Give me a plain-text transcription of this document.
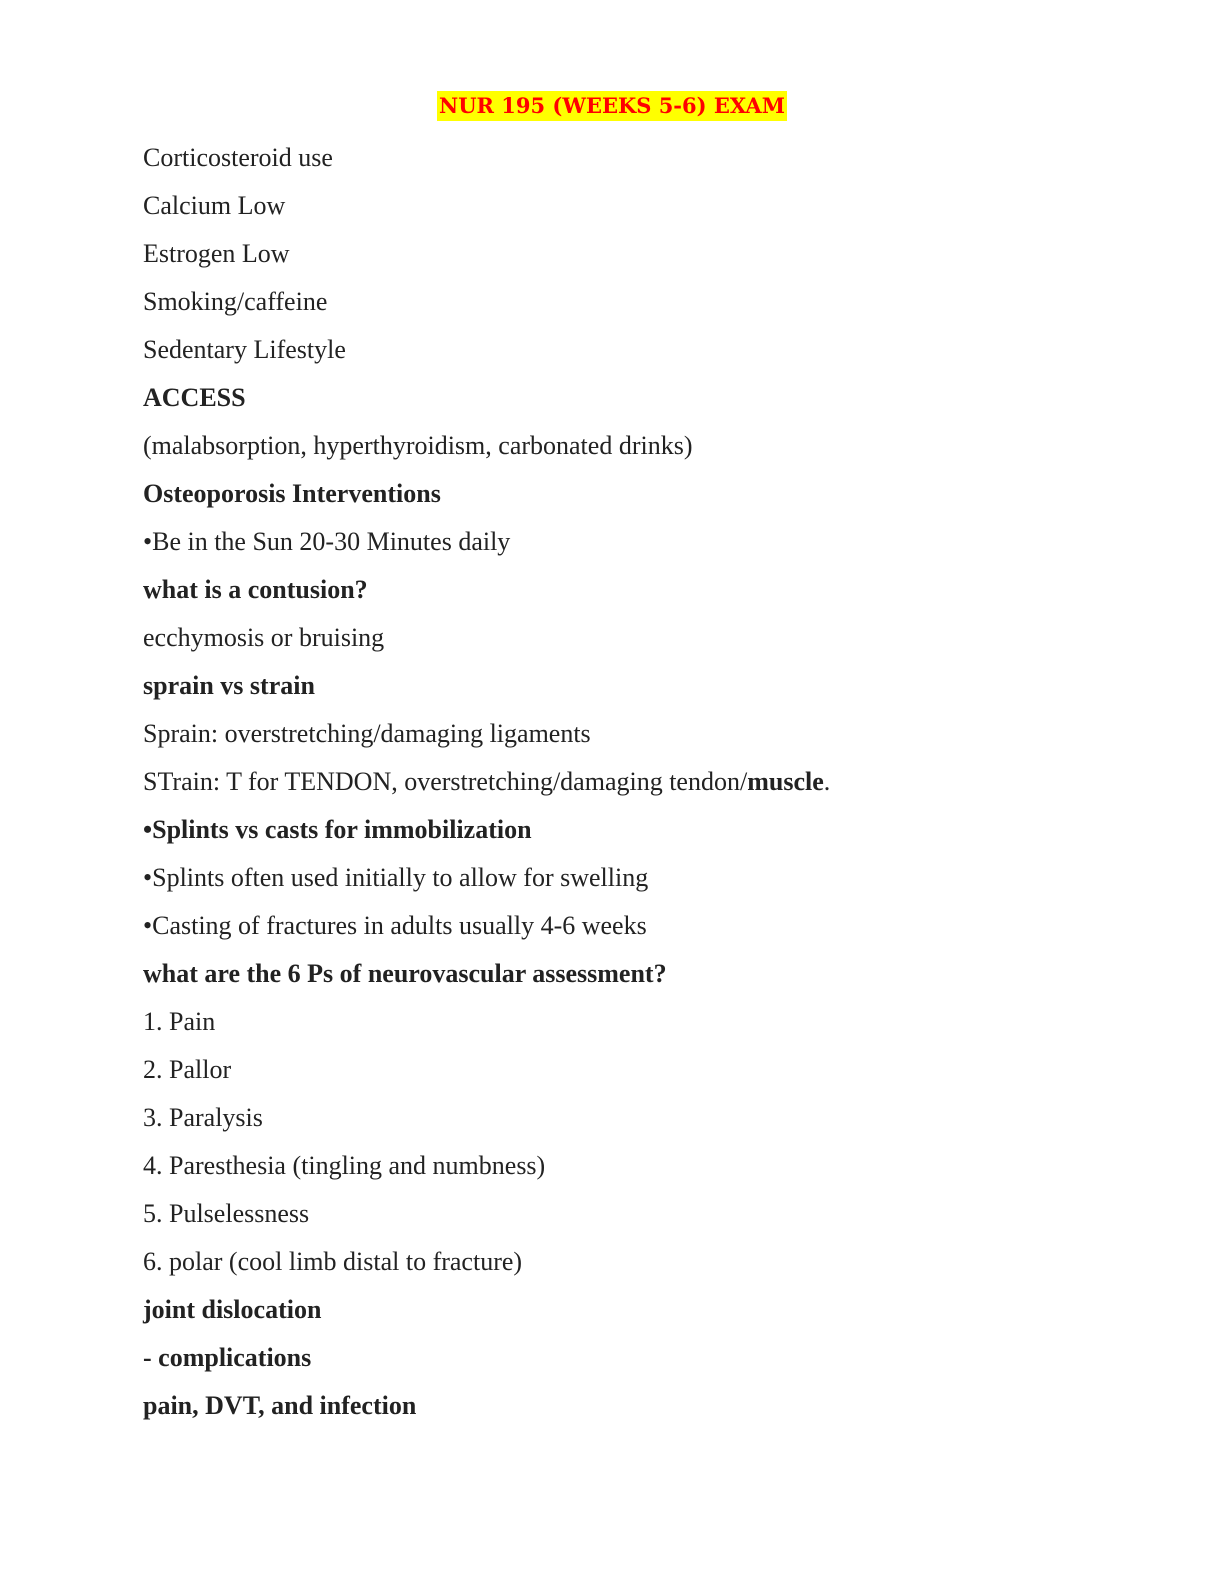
NUR 195 (WEEKS 5-6) EXAM
Corticosteroid use
Calcium Low
Estrogen Low
Smoking/caffeine
Sedentary Lifestyle
ACCESS
(malabsorption, hyperthyroidism, carbonated drinks)
Osteoporosis Interventions
•Be in the Sun 20-30 Minutes daily
what is a contusion?
ecchymosis or bruising
sprain vs strain
Sprain: overstretching/damaging ligaments
STrain: T for TENDON, overstretching/damaging tendon/muscle.
•Splints vs casts for immobilization
•Splints often used initially to allow for swelling
•Casting of fractures in adults usually 4-6 weeks
what are the 6 Ps of neurovascular assessment?
1. Pain
2. Pallor
3. Paralysis
4. Paresthesia (tingling and numbness)
5. Pulselessness
6. polar (cool limb distal to fracture)
joint dislocation
- complications
pain, DVT, and infection
